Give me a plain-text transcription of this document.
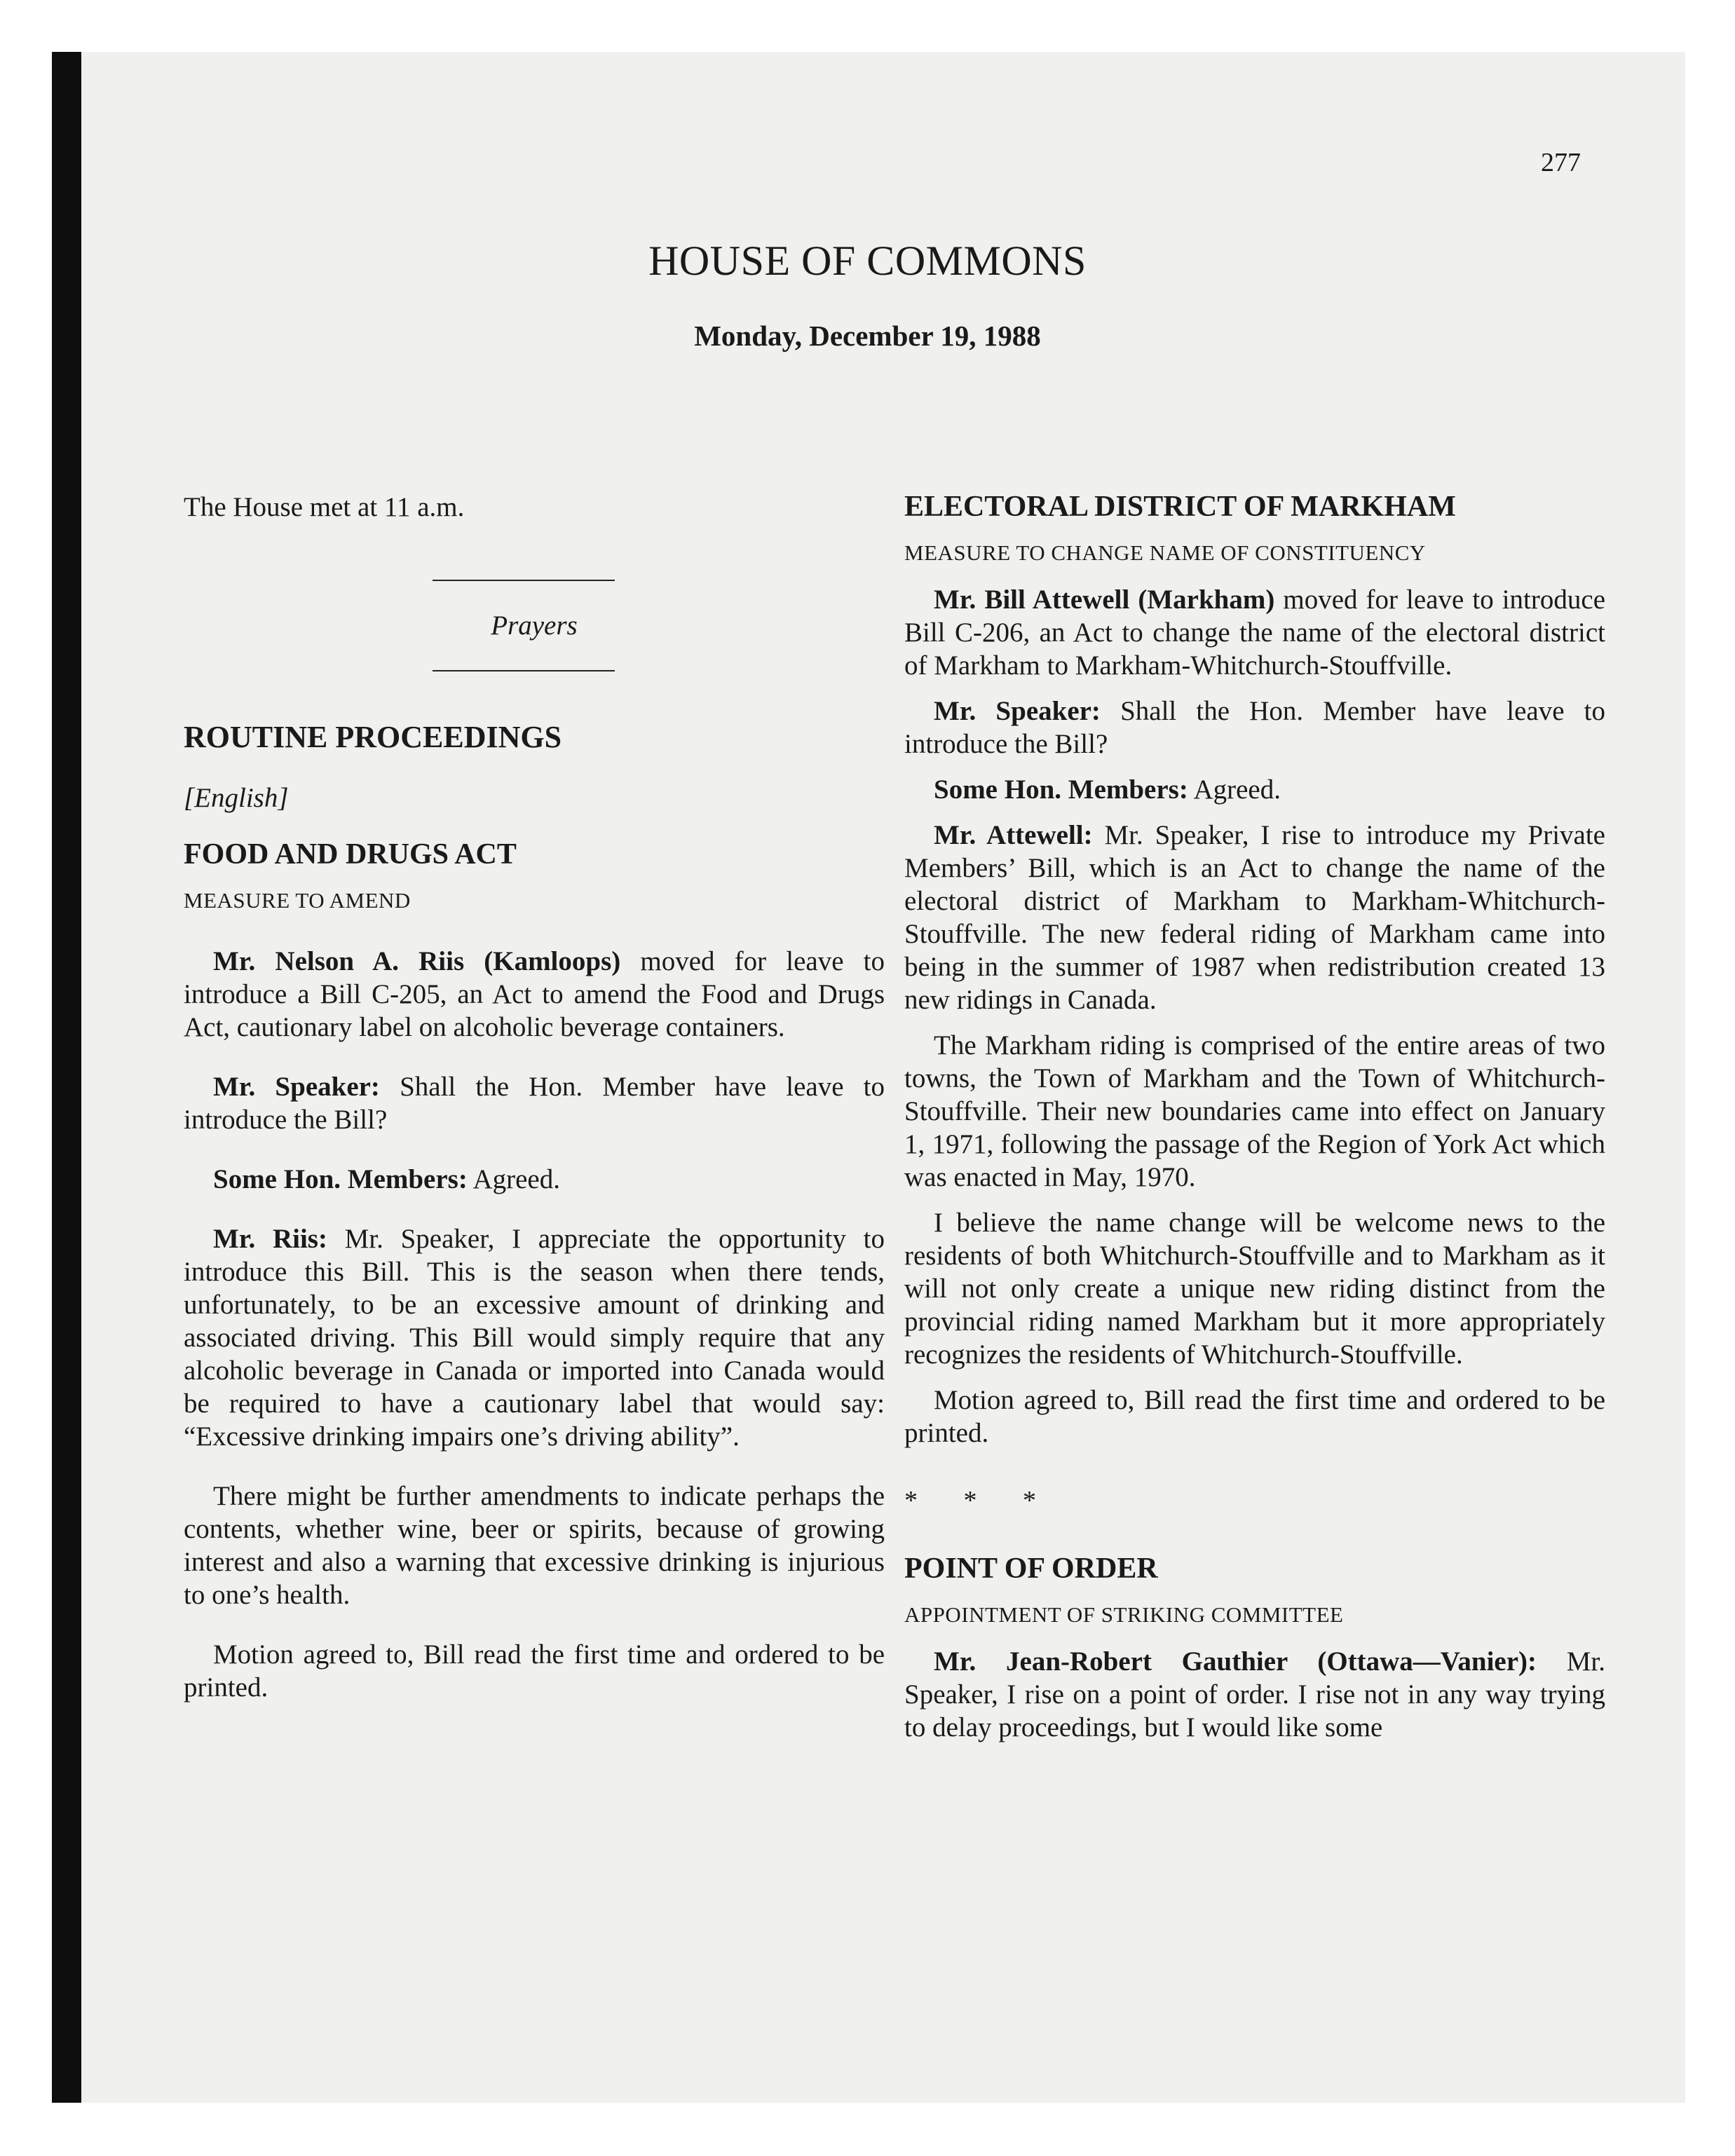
277
HOUSE OF COMMONS
Monday, December 19, 1988

The House met at 11 a.m.

Prayers

ROUTINE PROCEEDINGS

[English]

FOOD AND DRUGS ACT

MEASURE TO AMEND

Mr. Nelson A. Riis (Kamloops) moved for leave to introduce a Bill C-205, an Act to amend the Food and Drugs Act, cautionary label on alcoholic beverage containers.

Mr. Speaker: Shall the Hon. Member have leave to introduce the Bill?

Some Hon. Members: Agreed.

Mr. Riis: Mr. Speaker, I appreciate the opportunity to introduce this Bill. This is the season when there tends, unfortunately, to be an excessive amount of drinking and associated driving. This Bill would simply require that any alcoholic beverage in Canada or imported into Canada would be required to have a cautionary label that would say: “Excessive drinking impairs one’s driving ability”.

There might be further amendments to indicate perhaps the contents, whether wine, beer or spirits, because of growing interest and also a warning that excessive drinking is injurious to one’s health.

Motion agreed to, Bill read the first time and ordered to be printed.

ELECTORAL DISTRICT OF MARKHAM

MEASURE TO CHANGE NAME OF CONSTITUENCY

Mr. Bill Attewell (Markham) moved for leave to introduce Bill C-206, an Act to change the name of the electoral district of Markham to Markham-Whitchurch-Stouffville.

Mr. Speaker: Shall the Hon. Member have leave to introduce the Bill?

Some Hon. Members: Agreed.

Mr. Attewell: Mr. Speaker, I rise to introduce my Private Members’ Bill, which is an Act to change the name of the electoral district of Markham to Markham-Whitchurch-Stouffville. The new federal riding of Markham came into being in the summer of 1987 when redistribution created 13 new ridings in Canada.

The Markham riding is comprised of the entire areas of two towns, the Town of Markham and the Town of Whitchurch-Stouffville. Their new boundaries came into effect on January 1, 1971, following the passage of the Region of York Act which was enacted in May, 1970.

I believe the name change will be welcome news to the residents of both Whitchurch-Stouffville and to Markham as it will not only create a unique new riding distinct from the provincial riding named Markham but it more appropriately recognizes the residents of Whitchurch-Stouffville.

Motion agreed to, Bill read the first time and ordered to be printed.

* * *

POINT OF ORDER

APPOINTMENT OF STRIKING COMMITTEE

Mr. Jean-Robert Gauthier (Ottawa—Vanier): Mr. Speaker, I rise on a point of order. I rise not in any way trying to delay proceedings, but I would like some
